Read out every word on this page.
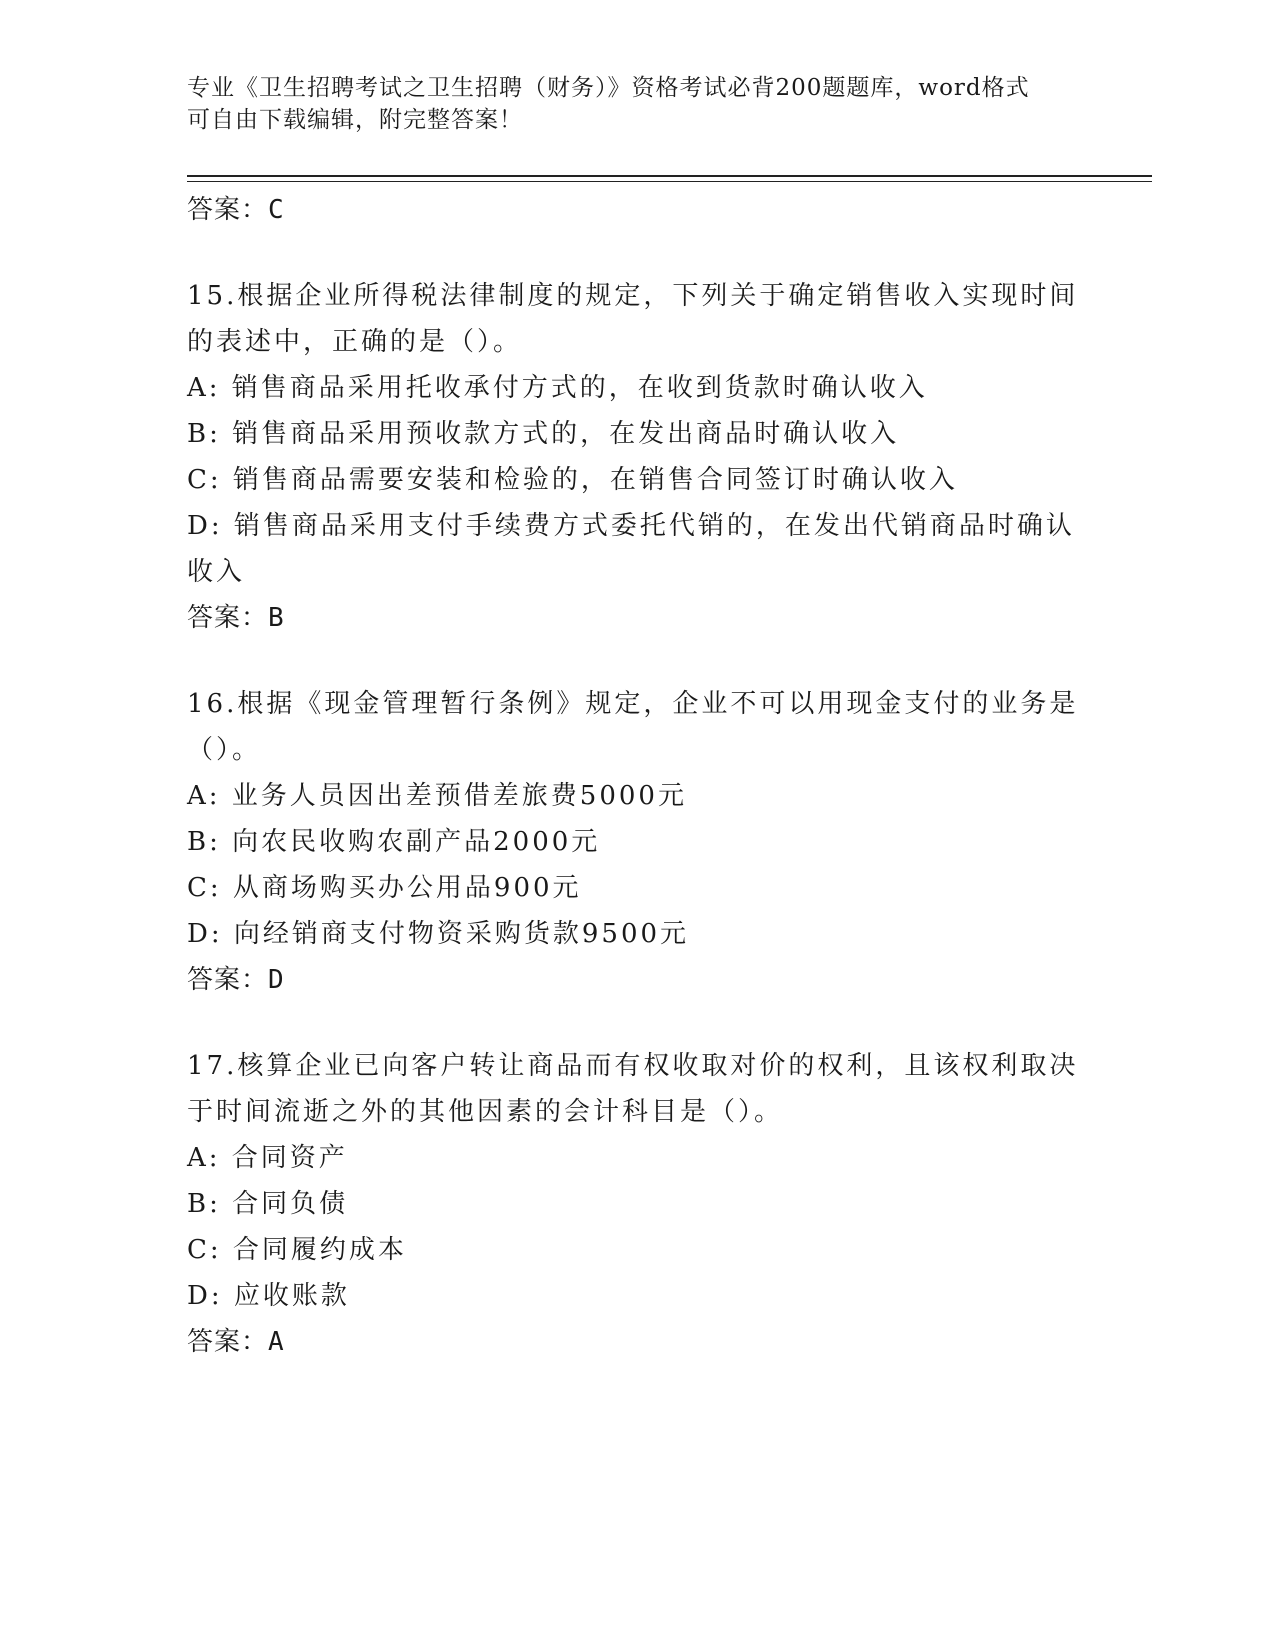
专业《卫生招聘考试之卫生招聘（财务）》资格考试必背200题题库，word格式
可自由下载编辑，附完整答案！

答案：C

15.根据企业所得税法律制度的规定，下列关于确定销售收入实现时间的表述中，正确的是（）。

A: 销售商品采用托收承付方式的，在收到货款时确认收入

B: 销售商品采用预收款方式的，在发出商品时确认收入

C: 销售商品需要安装和检验的，在销售合同签订时确认收入

D: 销售商品采用支付手续费方式委托代销的，在发出代销商品时确认收入

答案：B

16.根据《现金管理暂行条例》规定，企业不可以用现金支付的业务是（）。

A: 业务人员因出差预借差旅费5000元

B: 向农民收购农副产品2000元

C: 从商场购买办公用品900元

D: 向经销商支付物资采购货款9500元

答案：D

17.核算企业已向客户转让商品而有权收取对价的权利，且该权利取决于时间流逝之外的其他因素的会计科目是（）。

A: 合同资产

B: 合同负债

C: 合同履约成本

D: 应收账款

答案：A
